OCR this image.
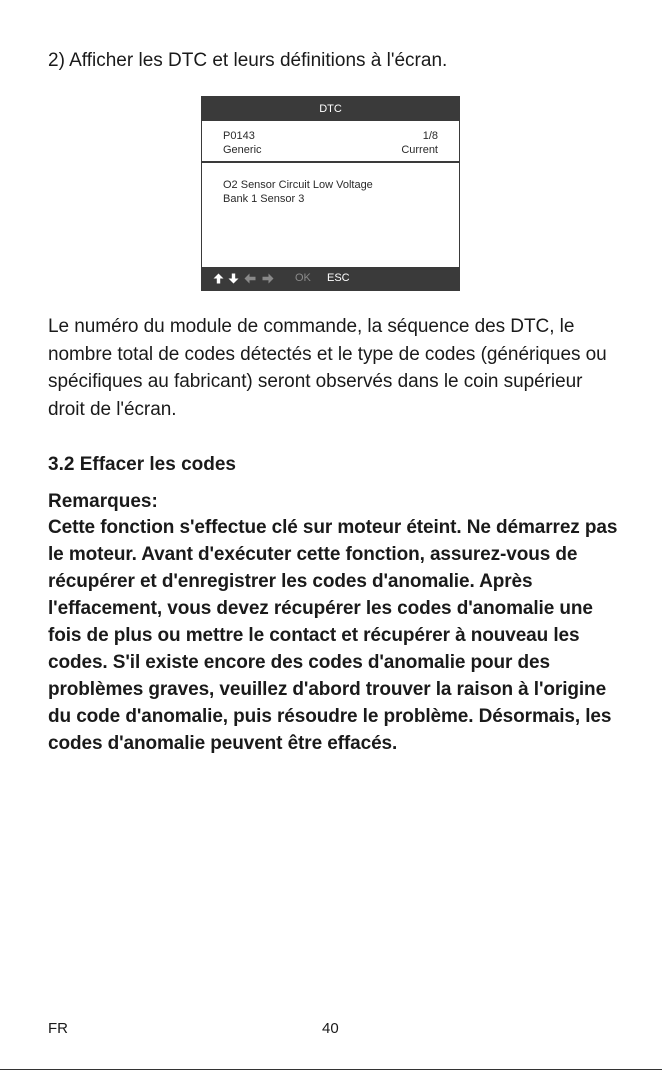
2) Afficher les DTC et leurs définitions à l'écran.

DTC
P0143	1/8
Generic	Current
O2 Sensor Circuit Low Voltage
Bank 1 Sensor 3
OK ESC

Le numéro du module de commande, la séquence des DTC, le nombre total de codes détectés et le type de codes (génériques ou spécifiques au fabricant) seront observés dans le coin supérieur droit de l'écran.

3.2 Effacer les codes

Remarques:

Cette fonction s'effectue clé sur moteur éteint. Ne démarrez pas le moteur. Avant d'exécuter cette fonction, assurez-vous de récupérer et d'enregistrer les codes d'anomalie. Après l'effacement, vous devez récupérer les codes d'anomalie une fois de plus ou mettre le contact et récupérer à nouveau les codes. S'il existe encore des codes d'anomalie pour des problèmes graves, veuillez d'abord trouver la raison à l'origine du code d'anomalie, puis résoudre le problème. Désormais, les codes d'anomalie peuvent être effacés.

FR	40
